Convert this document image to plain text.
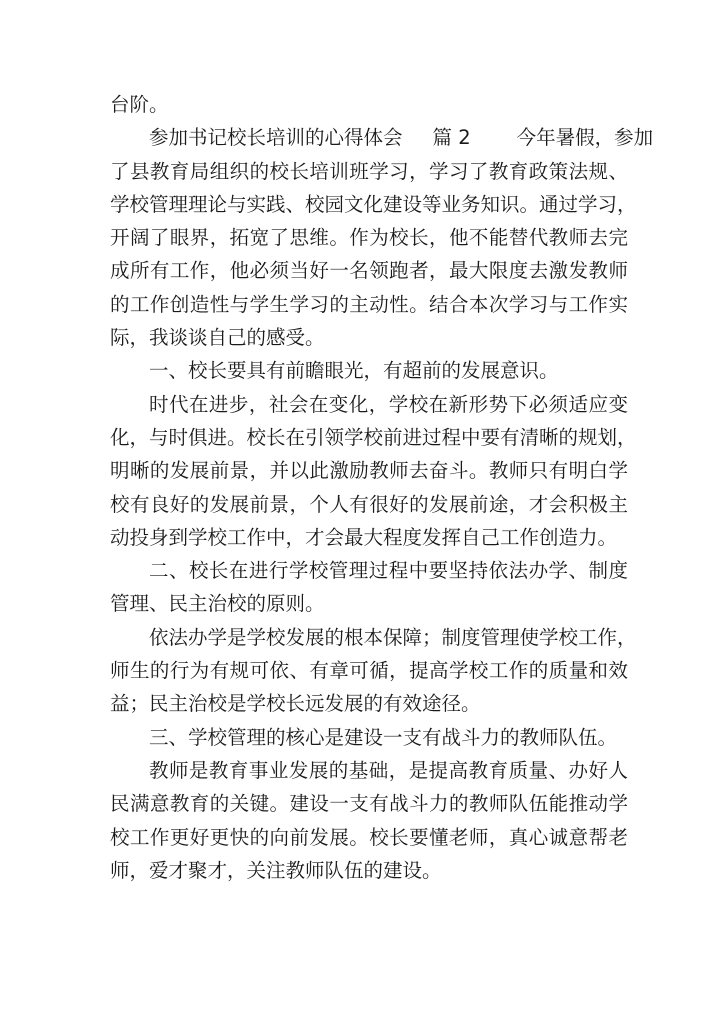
台阶。
参加书记校长培训的心得体会 篇 2 今年暑假，参加
了县教育局组织的校长培训班学习，学习了教育政策法规、
学校管理理论与实践、校园文化建设等业务知识。通过学习，
开阔了眼界，拓宽了思维。作为校长，他不能替代教师去完
成所有工作，他必须当好一名领跑者，最大限度去激发教师
的工作创造性与学生学习的主动性。结合本次学习与工作实
际，我谈谈自己的感受。
一、校长要具有前瞻眼光，有超前的发展意识。
时代在进步，社会在变化，学校在新形势下必须适应变
化，与时俱进。校长在引领学校前进过程中要有清晰的规划，
明晰的发展前景，并以此激励教师去奋斗。教师只有明白学
校有良好的发展前景，个人有很好的发展前途，才会积极主
动投身到学校工作中，才会最大程度发挥自己工作创造力。
二、校长在进行学校管理过程中要坚持依法办学、制度
管理、民主治校的原则。
依法办学是学校发展的根本保障；制度管理使学校工作，
师生的行为有规可依、有章可循，提高学校工作的质量和效
益；民主治校是学校长远发展的有效途径。
三、学校管理的核心是建设一支有战斗力的教师队伍。
教师是教育事业发展的基础，是提高教育质量、办好人
民满意教育的关键。建设一支有战斗力的教师队伍能推动学
校工作更好更快的向前发展。校长要懂老师，真心诚意帮老
师，爱才聚才，关注教师队伍的建设。
